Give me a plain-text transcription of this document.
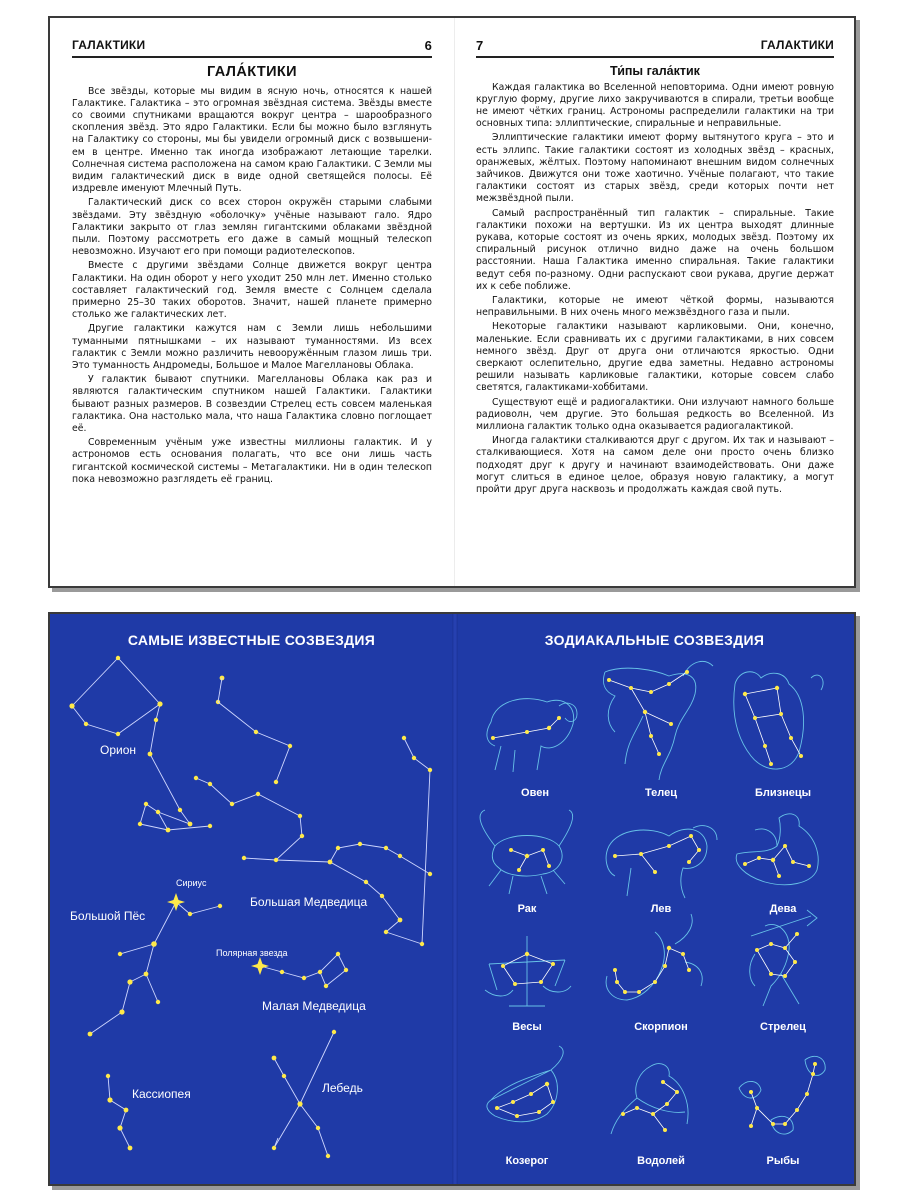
ГАЛАКТИКИ	6
ГАЛА́КТИКИ

Все звёзды, которые мы видим в ясную ночь, относятся к нашей Галактике. Галактика – это огромная звёздная система. Звёзды вместе со своими спутниками вращаются вокруг центра – шарообразного скопления звёзд. Это ядро Галактики. Если бы можно было взглянуть на Галактику со стороны, мы бы увидели огромный диск с возвышением в центре. Именно так иногда изображают летающие тарелки. Солнечная система расположена на самом краю Галактики. С Земли мы видим галактический диск в виде одной светящейся полосы. Её издревле именуют Млечный Путь.

Галактический диск со всех сторон окружён старыми слабыми звёздами. Эту звёздную «оболочку» учёные называют гало. Ядро Галактики закрыто от глаз землян гигантскими облаками звёздной пыли. Поэтому рассмотреть его даже в самый мощный телескоп невозможно. Изучают его при помощи радиотелескопов.

Вместе с другими звёздами Солнце движется вокруг центра Галактики. На один оборот у него уходит 250 млн лет. Именно столько составляет галактический год. Земля вместе с Солнцем сделала примерно 25–30 таких оборотов. Значит, нашей планете примерно столько же галактических лет.

Другие галактики кажутся нам с Земли лишь небольшими туманными пятнышками – их называют туманностями. Из всех галактик с Земли можно различить невооружённым глазом лишь три. Это туманность Андромеды, Большое и Малое Магеллановы Облака.

У галактик бывают спутники. Магеллановы Облака как раз и являются галактическим спутником нашей Галактики. Галактики бывают разных размеров. В созвездии Стрелец есть совсем маленькая галактика. Она настолько мала, что наша Галактика словно поглощает её.

Современным учёным уже известны миллионы галактик. И у астрономов есть основания полагать, что все они лишь часть гигантской космической системы – Метагалактики. Ни в один телескоп пока невозможно разглядеть её границ.

7	ГАЛАКТИКИ
Ти́пы гала́ктик

Каждая галактика во Вселенной неповторима. Одни имеют ровную круглую форму, другие лихо закручиваются в спирали, третьи вообще не имеют чётких границ. Астрономы распределили галактики на три основных типа: эллиптические, спиральные и неправильные.

Эллиптические галактики имеют форму вытянутого круга – это и есть эллипс. Такие галактики состоят из холодных звёзд – красных, оранжевых, жёлтых. Поэтому напоминают внешним видом солнечных зайчиков. Движутся они тоже хаотично. Учёные полагают, что такие галактики состоят из старых звёзд, среди которых почти нет межзвёздной пыли.

Самый распространённый тип галактик – спиральные. Такие галактики похожи на вертушки. Из их центра выходят длинные рукава, которые состоят из очень ярких, молодых звёзд. Поэтому их спиральный рисунок отлично видно даже на очень большом расстоянии. Наша Галактика именно спиральная. Такие галактики ведут себя по-разному. Одни распускают свои рукава, другие держат их к себе поближе.

Галактики, которые не имеют чёткой формы, называются неправильными. В них очень много межзвёздного газа и пыли.

Некоторые галактики называют карликовыми. Они, конечно, маленькие. Если сравнивать их с другими галактиками, в них совсем немного звёзд. Друг от друга они отличаются яркостью. Одни сверкают ослепительно, другие едва заметны. Недавно астрономы решили называть карликовые галактики, которые совсем слабо светятся, галактиками-хоббитами.

Существуют ещё и радиогалактики. Они излучают намного больше радиоволн, чем другие. Это большая редкость во Вселенной. Из миллиона галактик только одна оказывается радиогалактикой.

Иногда галактики сталкиваются друг с другом. Их так и называют – сталкивающиеся. Хотя на самом деле они просто очень близко подходят друг к другу и начинают взаимодействовать. Они даже могут слиться в единое целое, образуя новую галактику, а могут пройти друг друга насквозь и продолжать каждая свой путь.

САМЫЕ ИЗВЕСТНЫЕ СОЗВЕЗДИЯ
Орион
Большая Медведица
Сириус
Большой Пёс
Полярная звезда
Малая Медведица
Кассиопея	Лебедь
ЗОДИАКАЛЬНЫЕ СОЗВЕЗДИЯ
Овен	Телец	Близнецы
Рак	Лев	Дева
Весы	Скорпион	Стрелец
Козерог	Водолей	Рыбы
